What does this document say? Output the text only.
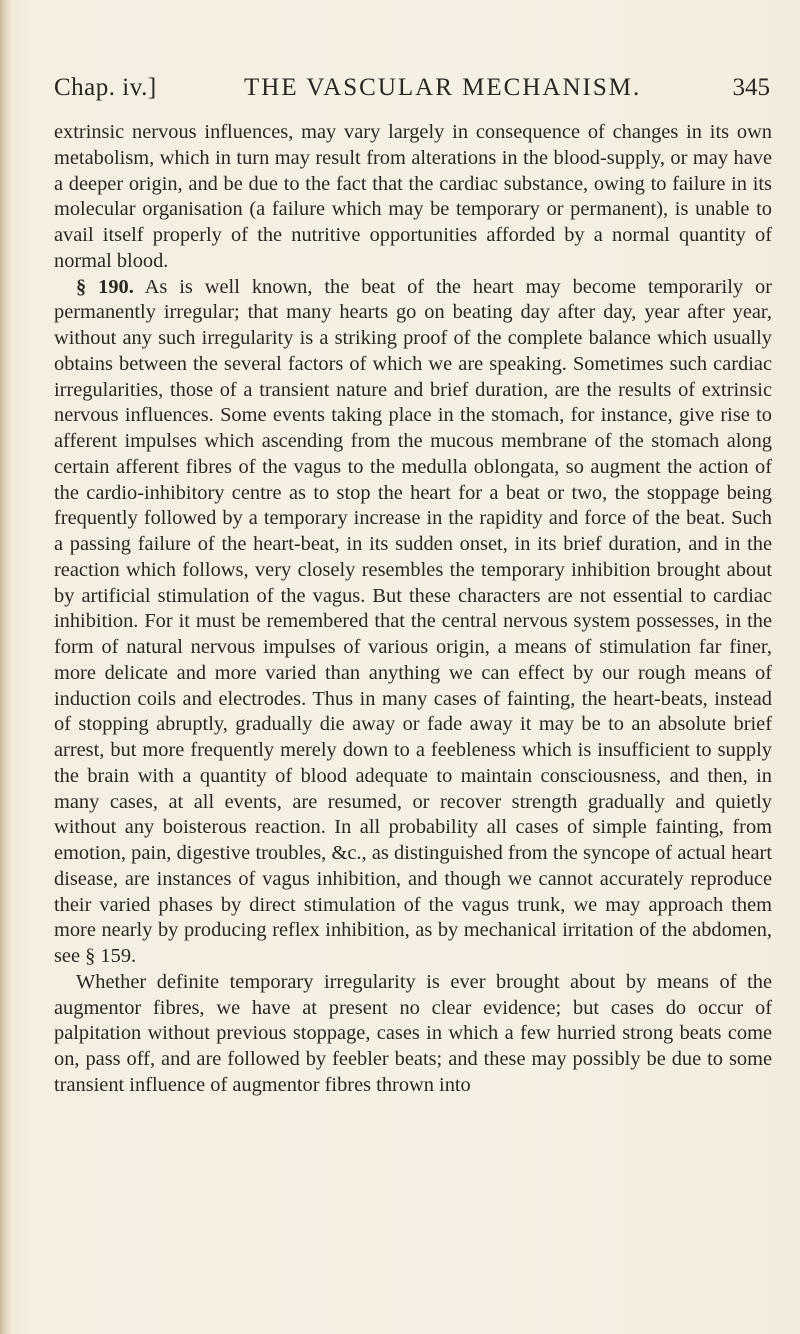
Chap. iv.]	THE VASCULAR MECHANISM.	345

extrinsic nervous influences, may vary largely in consequence of changes in its own metabolism, which in turn may result from alterations in the blood-supply, or may have a deeper origin, and be due to the fact that the cardiac substance, owing to failure in its molecular organisation (a failure which may be temporary or permanent), is unable to avail itself properly of the nutritive opportunities afforded by a normal quantity of normal blood.

§ 190. As is well known, the beat of the heart may become temporarily or permanently irregular; that many hearts go on beating day after day, year after year, without any such irregularity is a striking proof of the complete balance which usually obtains between the several factors of which we are speaking. Sometimes such cardiac irregularities, those of a transient nature and brief duration, are the results of extrinsic nervous influences. Some events taking place in the stomach, for instance, give rise to afferent impulses which ascending from the mucous membrane of the stomach along certain afferent fibres of the vagus to the medulla oblongata, so augment the action of the cardio-inhibitory centre as to stop the heart for a beat or two, the stoppage being frequently followed by a temporary increase in the rapidity and force of the beat. Such a passing failure of the heart-beat, in its sudden onset, in its brief duration, and in the reaction which follows, very closely resembles the temporary inhibition brought about by artificial stimulation of the vagus. But these characters are not essential to cardiac inhibition. For it must be remembered that the central nervous system possesses, in the form of natural nervous impulses of various origin, a means of stimulation far finer, more delicate and more varied than anything we can effect by our rough means of induction coils and electrodes. Thus in many cases of fainting, the heart-beats, instead of stopping abruptly, gradually die away or fade away it may be to an absolute brief arrest, but more frequently merely down to a feebleness which is insufficient to supply the brain with a quantity of blood adequate to maintain consciousness, and then, in many cases, at all events, are resumed, or recover strength gradually and quietly without any boisterous reaction. In all probability all cases of simple fainting, from emotion, pain, digestive troubles, &c., as distinguished from the syncope of actual heart disease, are instances of vagus inhibition, and though we cannot accurately reproduce their varied phases by direct stimulation of the vagus trunk, we may approach them more nearly by producing reflex inhibition, as by mechanical irritation of the abdomen, see § 159.

Whether definite temporary irregularity is ever brought about by means of the augmentor fibres, we have at present no clear evidence; but cases do occur of palpitation without previous stoppage, cases in which a few hurried strong beats come on, pass off, and are followed by feebler beats; and these may possibly be due to some transient influence of augmentor fibres thrown into
